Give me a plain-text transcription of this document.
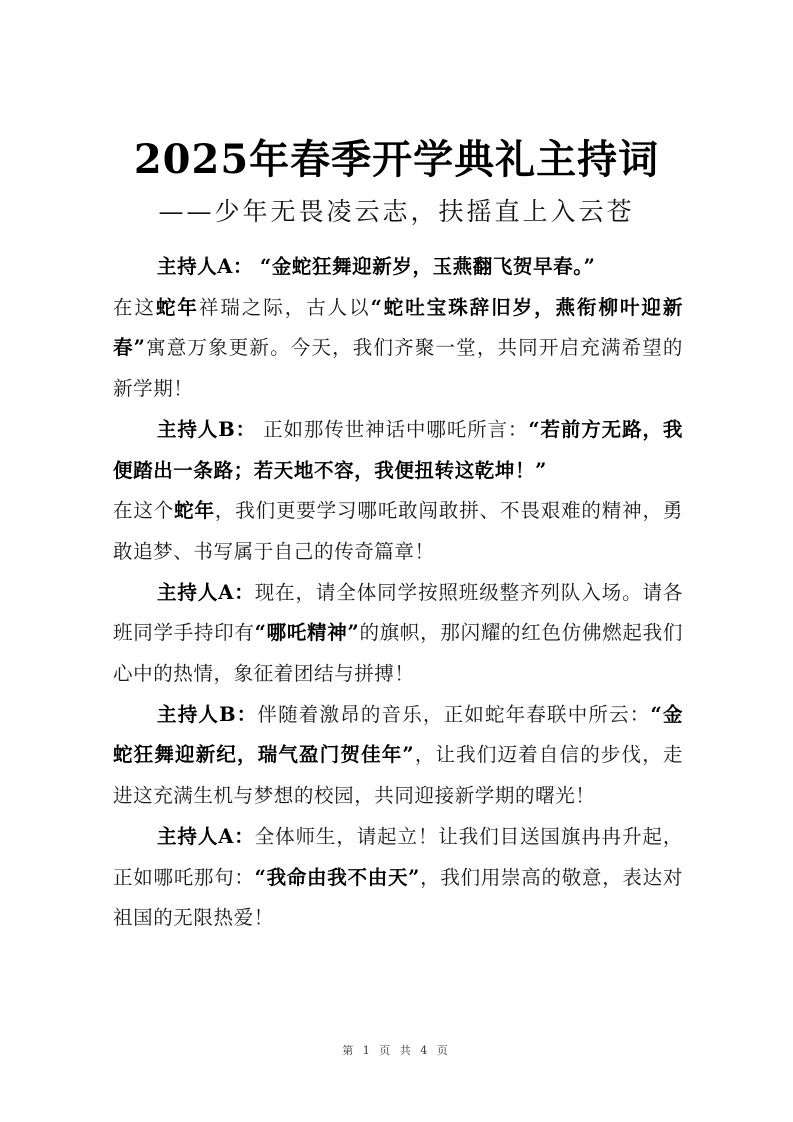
2025年春季开学典礼主持词
——少年无畏凌云志，扶摇直上入云苍

主持人A： “金蛇狂舞迎新岁，玉燕翻飞贺早春。”

在这蛇年祥瑞之际，古人以“蛇吐宝珠辞旧岁，燕衔柳叶迎新春”寓意万象更新。今天，我们齐聚一堂，共同开启充满希望的新学期！

主持人B： 正如那传世神话中哪吒所言：“若前方无路，我便踏出一条路；若天地不容，我便扭转这乾坤！”

在这个蛇年，我们更要学习哪吒敢闯敢拼、不畏艰难的精神，勇敢追梦、书写属于自己的传奇篇章！

主持人A：现在，请全体同学按照班级整齐列队入场。请各班同学手持印有“哪吒精神”的旗帜，那闪耀的红色仿佛燃起我们心中的热情，象征着团结与拼搏！

主持人B：伴随着激昂的音乐，正如蛇年春联中所云：“金蛇狂舞迎新纪，瑞气盈门贺佳年”，让我们迈着自信的步伐，走进这充满生机与梦想的校园，共同迎接新学期的曙光！

主持人A：全体师生，请起立！让我们目送国旗冉冉升起，正如哪吒那句：“我命由我不由天”，我们用崇高的敬意，表达对祖国的无限热爱！

第 1 页 共 4 页
